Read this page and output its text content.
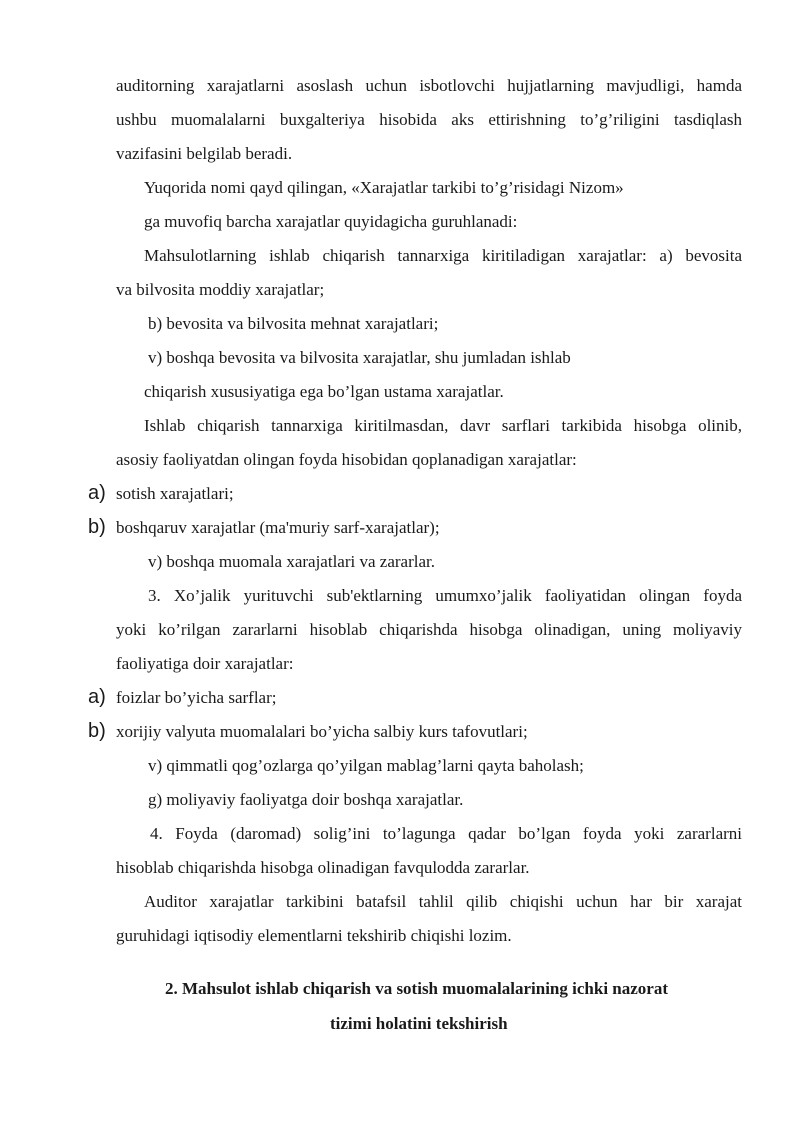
auditorning xarajatlarni asoslash uchun isbotlovchi hujjatlarning mavjudligi, hamda
ushbu muomalalarni buxgalteriya hisobida aks ettirishning to’g’riligini tasdiqlash
vazifasini belgilab beradi.
Yuqorida nomi qayd qilingan, «Xarajatlar tarkibi to’g’risidagi Nizom»
ga muvofiq barcha xarajatlar quyidagicha guruhlanadi:
Mahsulotlarning ishlab chiqarish tannarxiga kiritiladigan xarajatlar: a) bevosita
va bilvosita moddiy xarajatlar;
b) bevosita va bilvosita mehnat xarajatlari;
v) boshqa bevosita va bilvosita xarajatlar, shu jumladan ishlab
chiqarish xususiyatiga ega bo’lgan ustama xarajatlar.
Ishlab chiqarish tannarxiga kiritilmasdan, davr sarflari tarkibida hisobga olinib,
asosiy faoliyatdan olingan foyda hisobidan qoplanadigan xarajatlar:
a) sotish xarajatlari;
b) boshqaruv xarajatlar (ma'muriy sarf-xarajatlar);
v) boshqa muomala xarajatlari va zararlar.
3. Xo’jalik yurituvchi sub'ektlarning umumxo’jalik faoliyatidan olingan foyda
yoki ko’rilgan zararlarni hisoblab chiqarishda hisobga olinadigan, uning moliyaviy
faoliyatiga doir xarajatlar:
a) foizlar bo’yicha sarflar;
b) xorijiy valyuta muomalalari bo’yicha salbiy kurs tafovutlari;
v) qimmatli qog’ozlarga qo’yilgan mablag’larni qayta baholash;
g) moliyaviy faoliyatga doir boshqa xarajatlar.
4. Foyda (daromad) solig’ini to’lagunga qadar bo’lgan foyda yoki zararlarni
hisoblab chiqarishda hisobga olinadigan favqulodda zararlar.
Auditor xarajatlar tarkibini batafsil tahlil qilib chiqishi uchun har bir xarajat
guruhidagi iqtisodiy elementlarni tekshirib chiqishi lozim.
2. Mahsulot ishlab chiqarish va sotish muomalalarining ichki nazorat
tizimi holatini tekshirish
